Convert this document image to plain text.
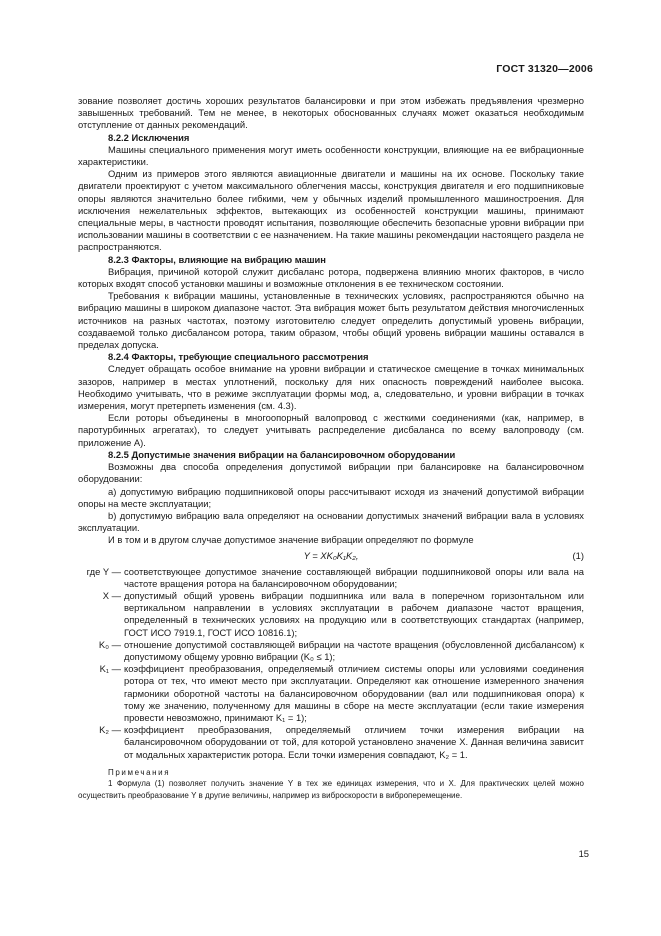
ГОСТ 31320—2006

зование позволяет достичь хороших результатов балансировки и при этом избежать предъявления чрезмерно завышенных требований. Тем не менее, в некоторых обоснованных случаях может оказаться необходимым отступление от данных рекомендаций.

8.2.2 Исключения

Машины специального применения могут иметь особенности конструкции, влияющие на ее вибрационные характеристики.

Одним из примеров этого являются авиационные двигатели и машины на их основе. Поскольку такие двигатели проектируют с учетом максимального облегчения массы, конструкция двигателя и его подшипниковые опоры являются значительно более гибкими, чем у обычных изделий промышленного машиностроения. Для исключения нежелательных эффектов, вытекающих из особенностей конструкции машины, принимают специальные меры, в частности проводят испытания, позволяющие обеспечить безопасные уровни вибрации при использовании машины в соответствии с ее назначением. На такие машины рекомендации настоящего раздела не распространяются.

8.2.3 Факторы, влияющие на вибрацию машин

Вибрация, причиной которой служит дисбаланс ротора, подвержена влиянию многих факторов, в число которых входят способ установки машины и возможные отклонения в ее техническом состоянии.

Требования к вибрации машины, установленные в технических условиях, распространяются обычно на вибрацию машины в широком диапазоне частот. Эта вибрация может быть результатом действия многочисленных источников на разных частотах, поэтому изготовителю следует определить допустимый уровень вибрации, создаваемой только дисбалансом ротора, таким образом, чтобы общий уровень вибрации машины оставался в пределах допуска.

8.2.4 Факторы, требующие специального рассмотрения

Следует обращать особое внимание на уровни вибрации и статическое смещение в точках минимальных зазоров, например в местах уплотнений, поскольку для них опасность повреждений наиболее высока. Необходимо учитывать, что в режиме эксплуатации формы мод, а, следовательно, и уровни вибрации в точках измерения, могут претерпеть изменения (см. 4.3).

Если роторы объединены в многоопорный валопровод с жесткими соединениями (как, например, в паротурбинных агрегатах), то следует учитывать распределение дисбаланса по всему валопроводу (см. приложение А).

8.2.5 Допустимые значения вибрации на балансировочном оборудовании

Возможны два способа определения допустимой вибрации при балансировке на балансировочном оборудовании:

а) допустимую вибрацию подшипниковой опоры рассчитывают исходя из значений допустимой вибрации опоры на месте эксплуатации;

b) допустимую вибрацию вала определяют на основании допустимых значений вибрации вала в условиях эксплуатации.

И в том и в другом случае допустимое значение вибрации определяют по формуле

Y = XK₀K₁K₂,	(1)
где Y — соответствующее допустимое значение составляющей вибрации подшипниковой опоры или вала на частоте вращения ротора на балансировочном оборудовании;
X — допустимый общий уровень вибрации подшипника или вала в поперечном горизонтальном или вертикальном направлении в условиях эксплуатации в рабочем диапазоне частот вращения, определенный в технических условиях на продукцию или в соответствующих стандартах (например, ГОСТ ИСО 7919.1, ГОСТ ИСО 10816.1);
K₀ — отношение допустимой составляющей вибрации на частоте вращения (обусловленной дисбалансом) к допустимому общему уровню вибрации (K₀ ≤ 1);
K₁ — коэффициент преобразования, определяемый отличием системы опоры или условиями соединения ротора от тех, что имеют место при эксплуатации. Определяют как отношение измеренного значения гармоники оборотной частоты на балансировочном оборудовании (вал или подшипниковая опора) к тому же значению, полученному для машины в сборе на месте эксплуатации (если такие измерения провести невозможно, принимают K₁ = 1);
K₂ — коэффициент преобразования, определяемый отличием точки измерения вибрации на балансировочном оборудовании от той, для которой установлено значение X. Данная величина зависит от модальных характеристик ротора. Если точки измерения совпадают, K₂ = 1.

Примечания

1 Формула (1) позволяет получить значение Y в тех же единицах измерения, что и X. Для практических целей можно осуществить преобразование Y в другие величины, например из виброскорости в виброперемещение.

15
